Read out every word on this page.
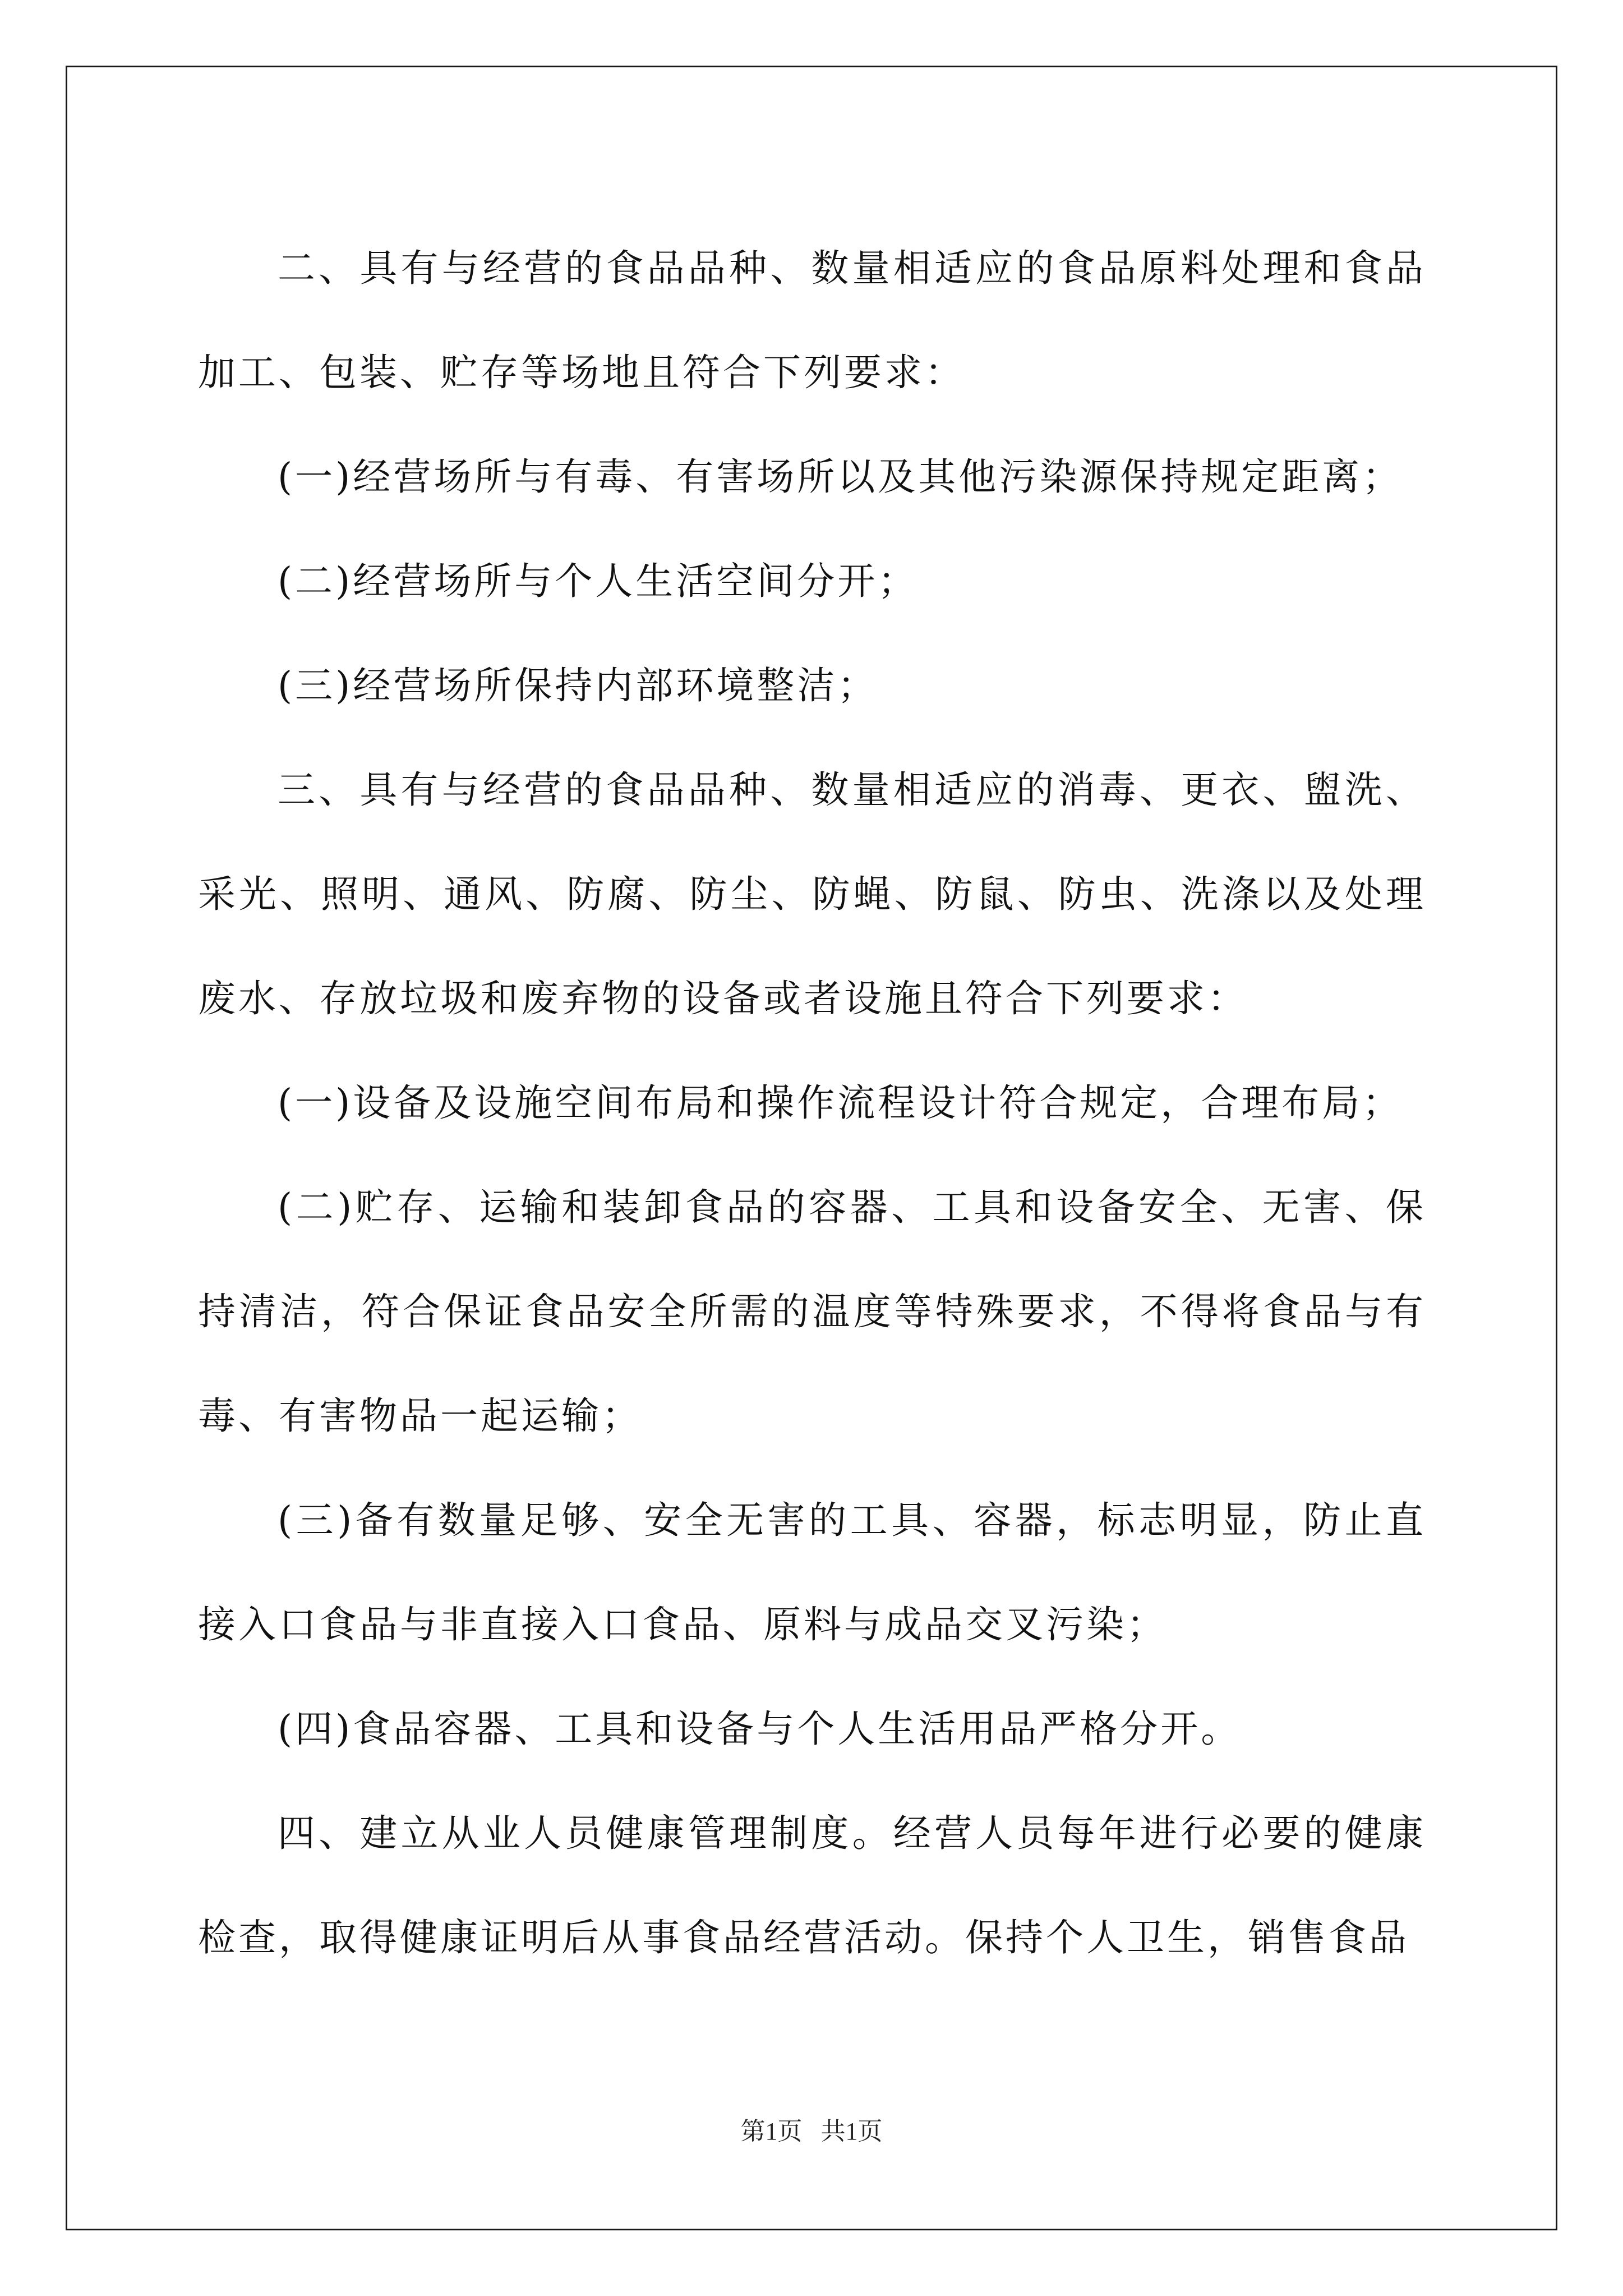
二、具有与经营的食品品种、数量相适应的食品原料处理和食品加工、包装、贮存等场地且符合下列要求：

(一)经营场所与有毒、有害场所以及其他污染源保持规定距离；

(二)经营场所与个人生活空间分开；

(三)经营场所保持内部环境整洁；

三、具有与经营的食品品种、数量相适应的消毒、更衣、盥洗、采光、照明、通风、防腐、防尘、防蝇、防鼠、防虫、洗涤以及处理废水、存放垃圾和废弃物的设备或者设施且符合下列要求：

(一)设备及设施空间布局和操作流程设计符合规定，合理布局；

(二)贮存、运输和装卸食品的容器、工具和设备安全、无害、保持清洁，符合保证食品安全所需的温度等特殊要求，不得将食品与有毒、有害物品一起运输；

(三)备有数量足够、安全无害的工具、容器，标志明显，防止直接入口食品与非直接入口食品、原料与成品交叉污染；

(四)食品容器、工具和设备与个人生活用品严格分开。

四、建立从业人员健康管理制度。经营人员每年进行必要的健康检查，取得健康证明后从事食品经营活动。保持个人卫生，销售食品

第1页   共1页
